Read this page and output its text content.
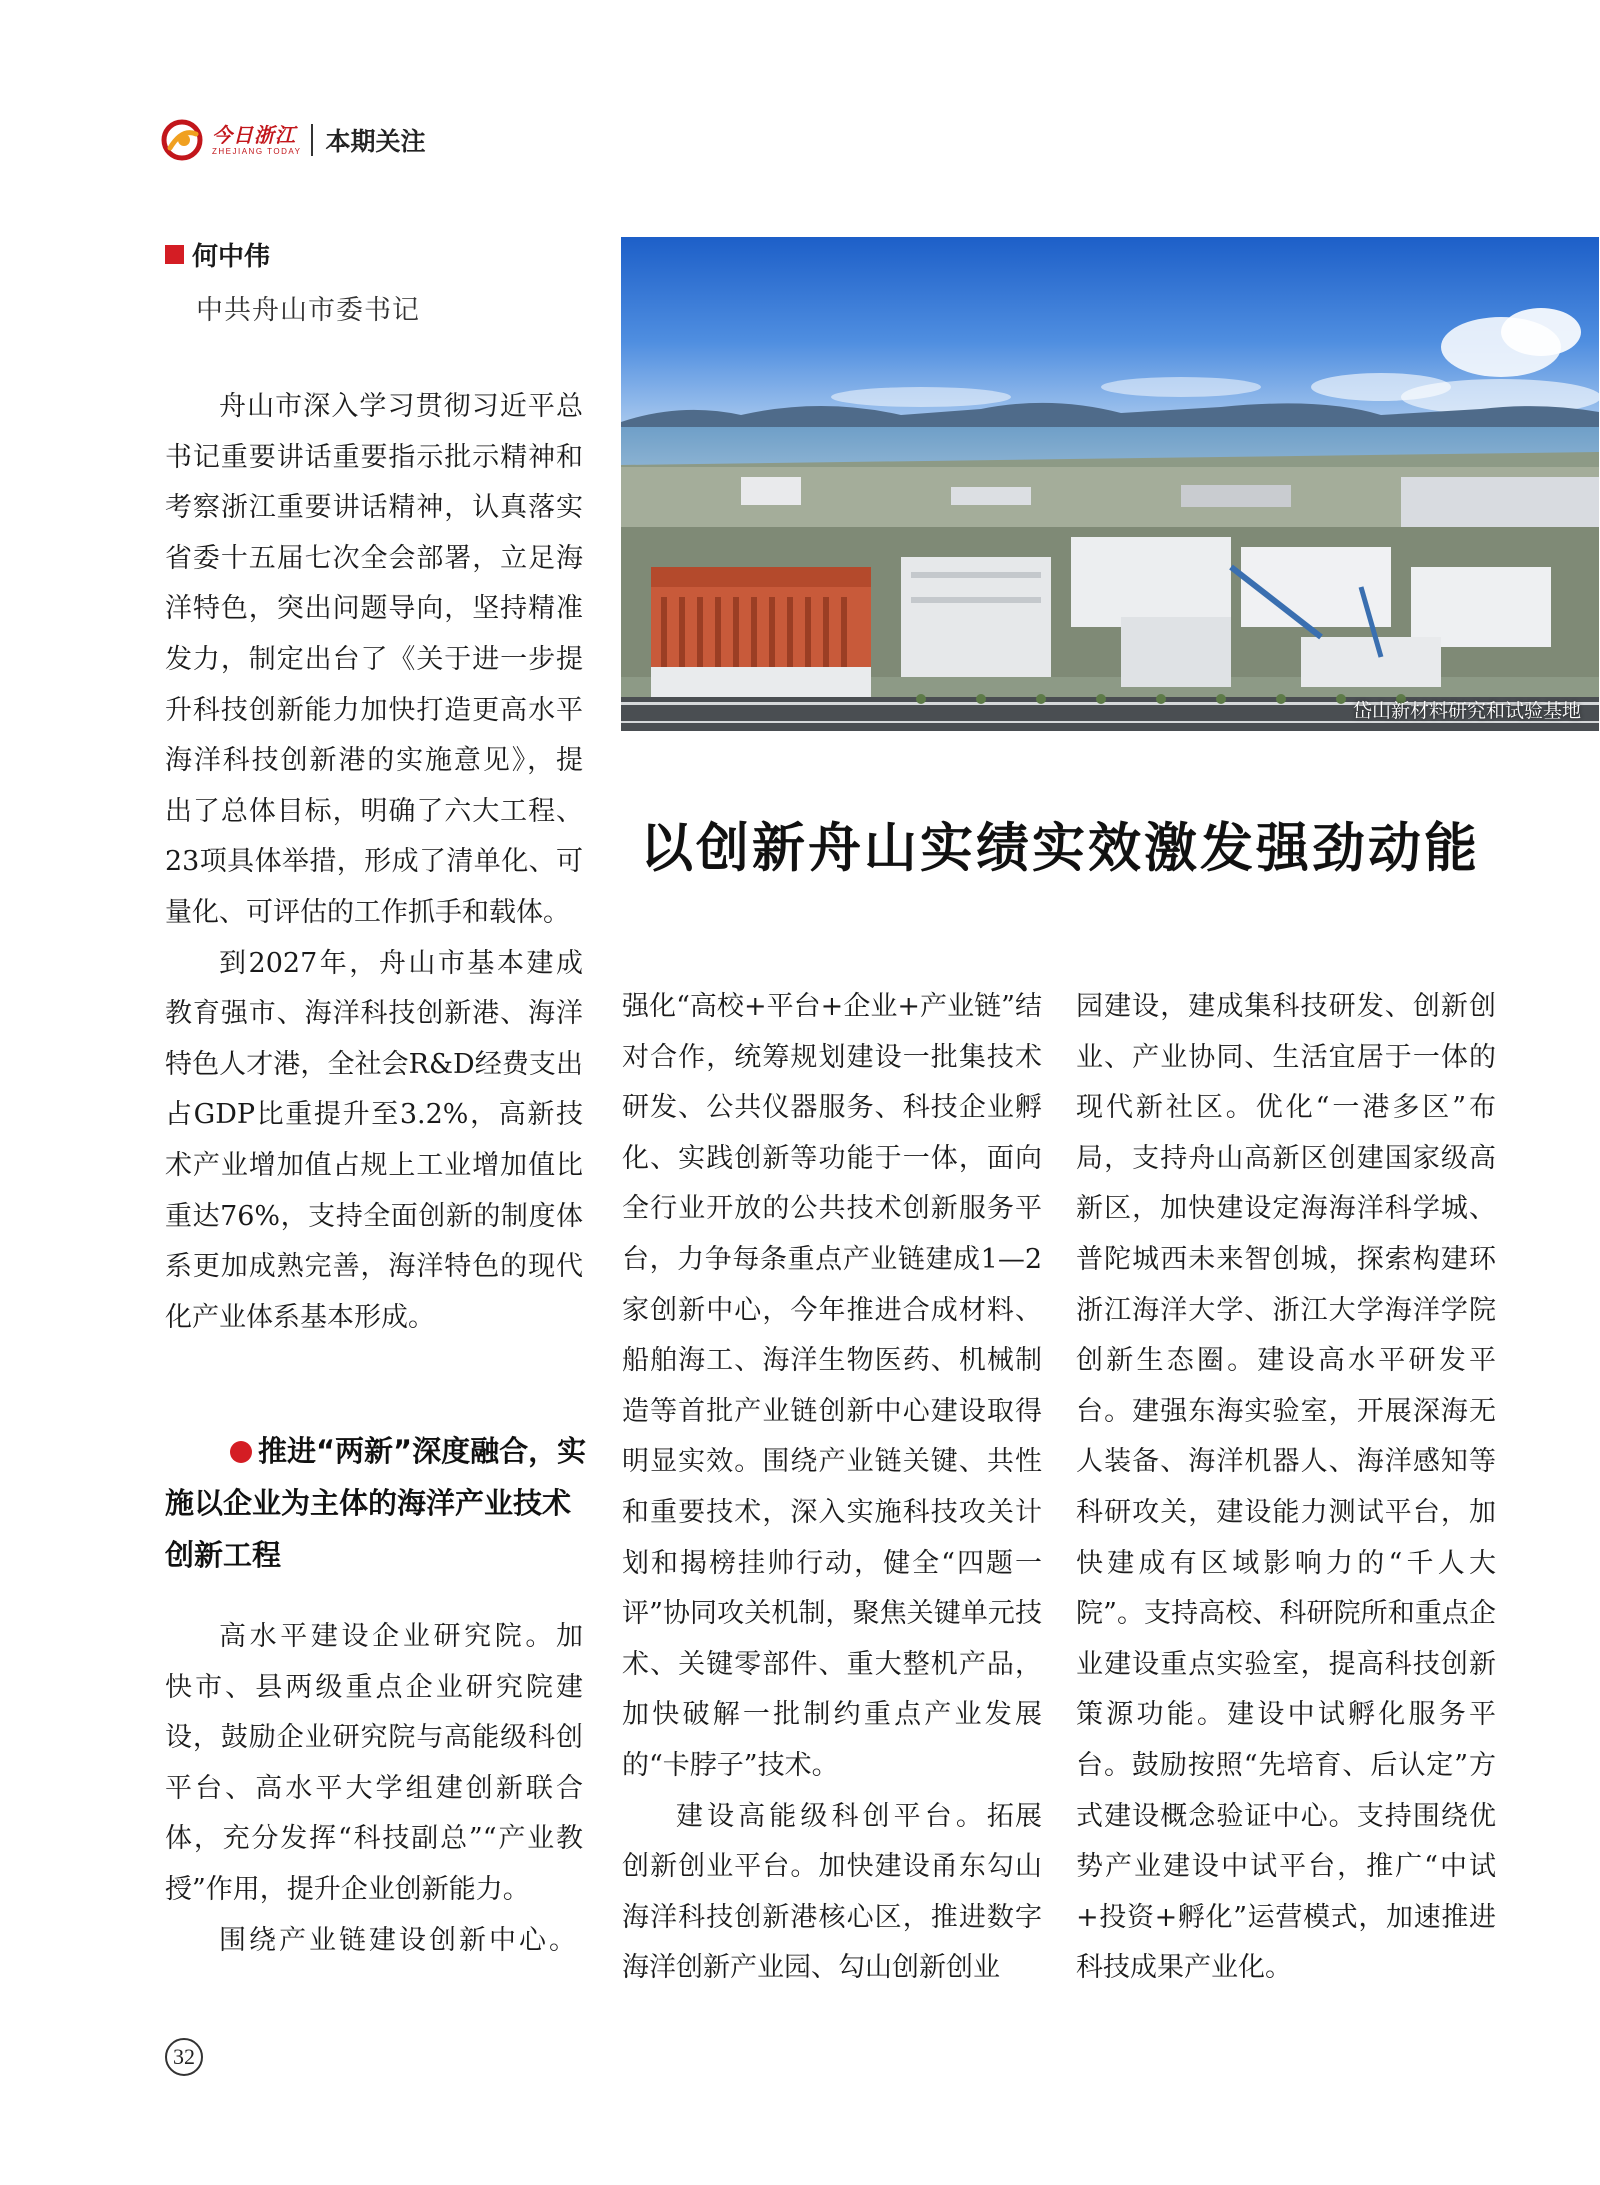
今日浙江
ZHEJIANG TODAY 本期关注
何中伟
中共舟山市委书记
岱山新材料研究和试验基地
以创新舟山实绩实效激发强劲动能

舟山市深入学习贯彻习近平总书记重要讲话重要指示批示精神和考察浙江重要讲话精神，认真落实省委十五届七次全会部署，立足海洋特色，突出问题导向，坚持精准发力，制定出台了《关于进一步提升科技创新能力加快打造更高水平海洋科技创新港的实施意见》，提出了总体目标，明确了六大工程、23项具体举措，形成了清单化、可量化、可评估的工作抓手和载体。

到2027年，舟山市基本建成教育强市、海洋科技创新港、海洋特色人才港，全社会R&D经费支出占GDP比重提升至3.2%，高新技术产业增加值占规上工业增加值比重达76%，支持全面创新的制度体系更加成熟完善，海洋特色的现代化产业体系基本形成。

推进“两新”深度融合，实施以企业为主体的海洋产业技术创新工程

高水平建设企业研究院。加快市、县两级重点企业研究院建设，鼓励企业研究院与高能级科创平台、高水平大学组建创新联合体，充分发挥“科技副总”“产业教授”作用，提升企业创新能力。

围绕产业链建设创新中心。

强化“高校+平台+企业+产业链”结对合作，统筹规划建设一批集技术研发、公共仪器服务、科技企业孵化、实践创新等功能于一体，面向全行业开放的公共技术创新服务平台，力争每条重点产业链建成1—2家创新中心，今年推进合成材料、船舶海工、海洋生物医药、机械制造等首批产业链创新中心建设取得明显实效。围绕产业链关键、共性和重要技术，深入实施科技攻关计划和揭榜挂帅行动，健全“四题一评”协同攻关机制，聚焦关键单元技术、关键零部件、重大整机产品，加快破解一批制约重点产业发展的“卡脖子”技术。

建设高能级科创平台。拓展创新创业平台。加快建设甬东勾山海洋科技创新港核心区，推进数字海洋创新产业园、勾山创新创业

园建设，建成集科技研发、创新创业、产业协同、生活宜居于一体的现代新社区。优化“一港多区”布局，支持舟山高新区创建国家级高新区，加快建设定海海洋科学城、普陀城西未来智创城，探索构建环浙江海洋大学、浙江大学海洋学院创新生态圈。建设高水平研发平台。建强东海实验室，开展深海无人装备、海洋机器人、海洋感知等科研攻关，建设能力测试平台，加快建成有区域影响力的“千人大院”。支持高校、科研院所和重点企业建设重点实验室，提高科技创新策源功能。建设中试孵化服务平台。鼓励按照“先培育、后认定”方式建设概念验证中心。支持围绕优势产业建设中试平台，推广“中试+投资+孵化”运营模式，加速推进科技成果产业化。

32
